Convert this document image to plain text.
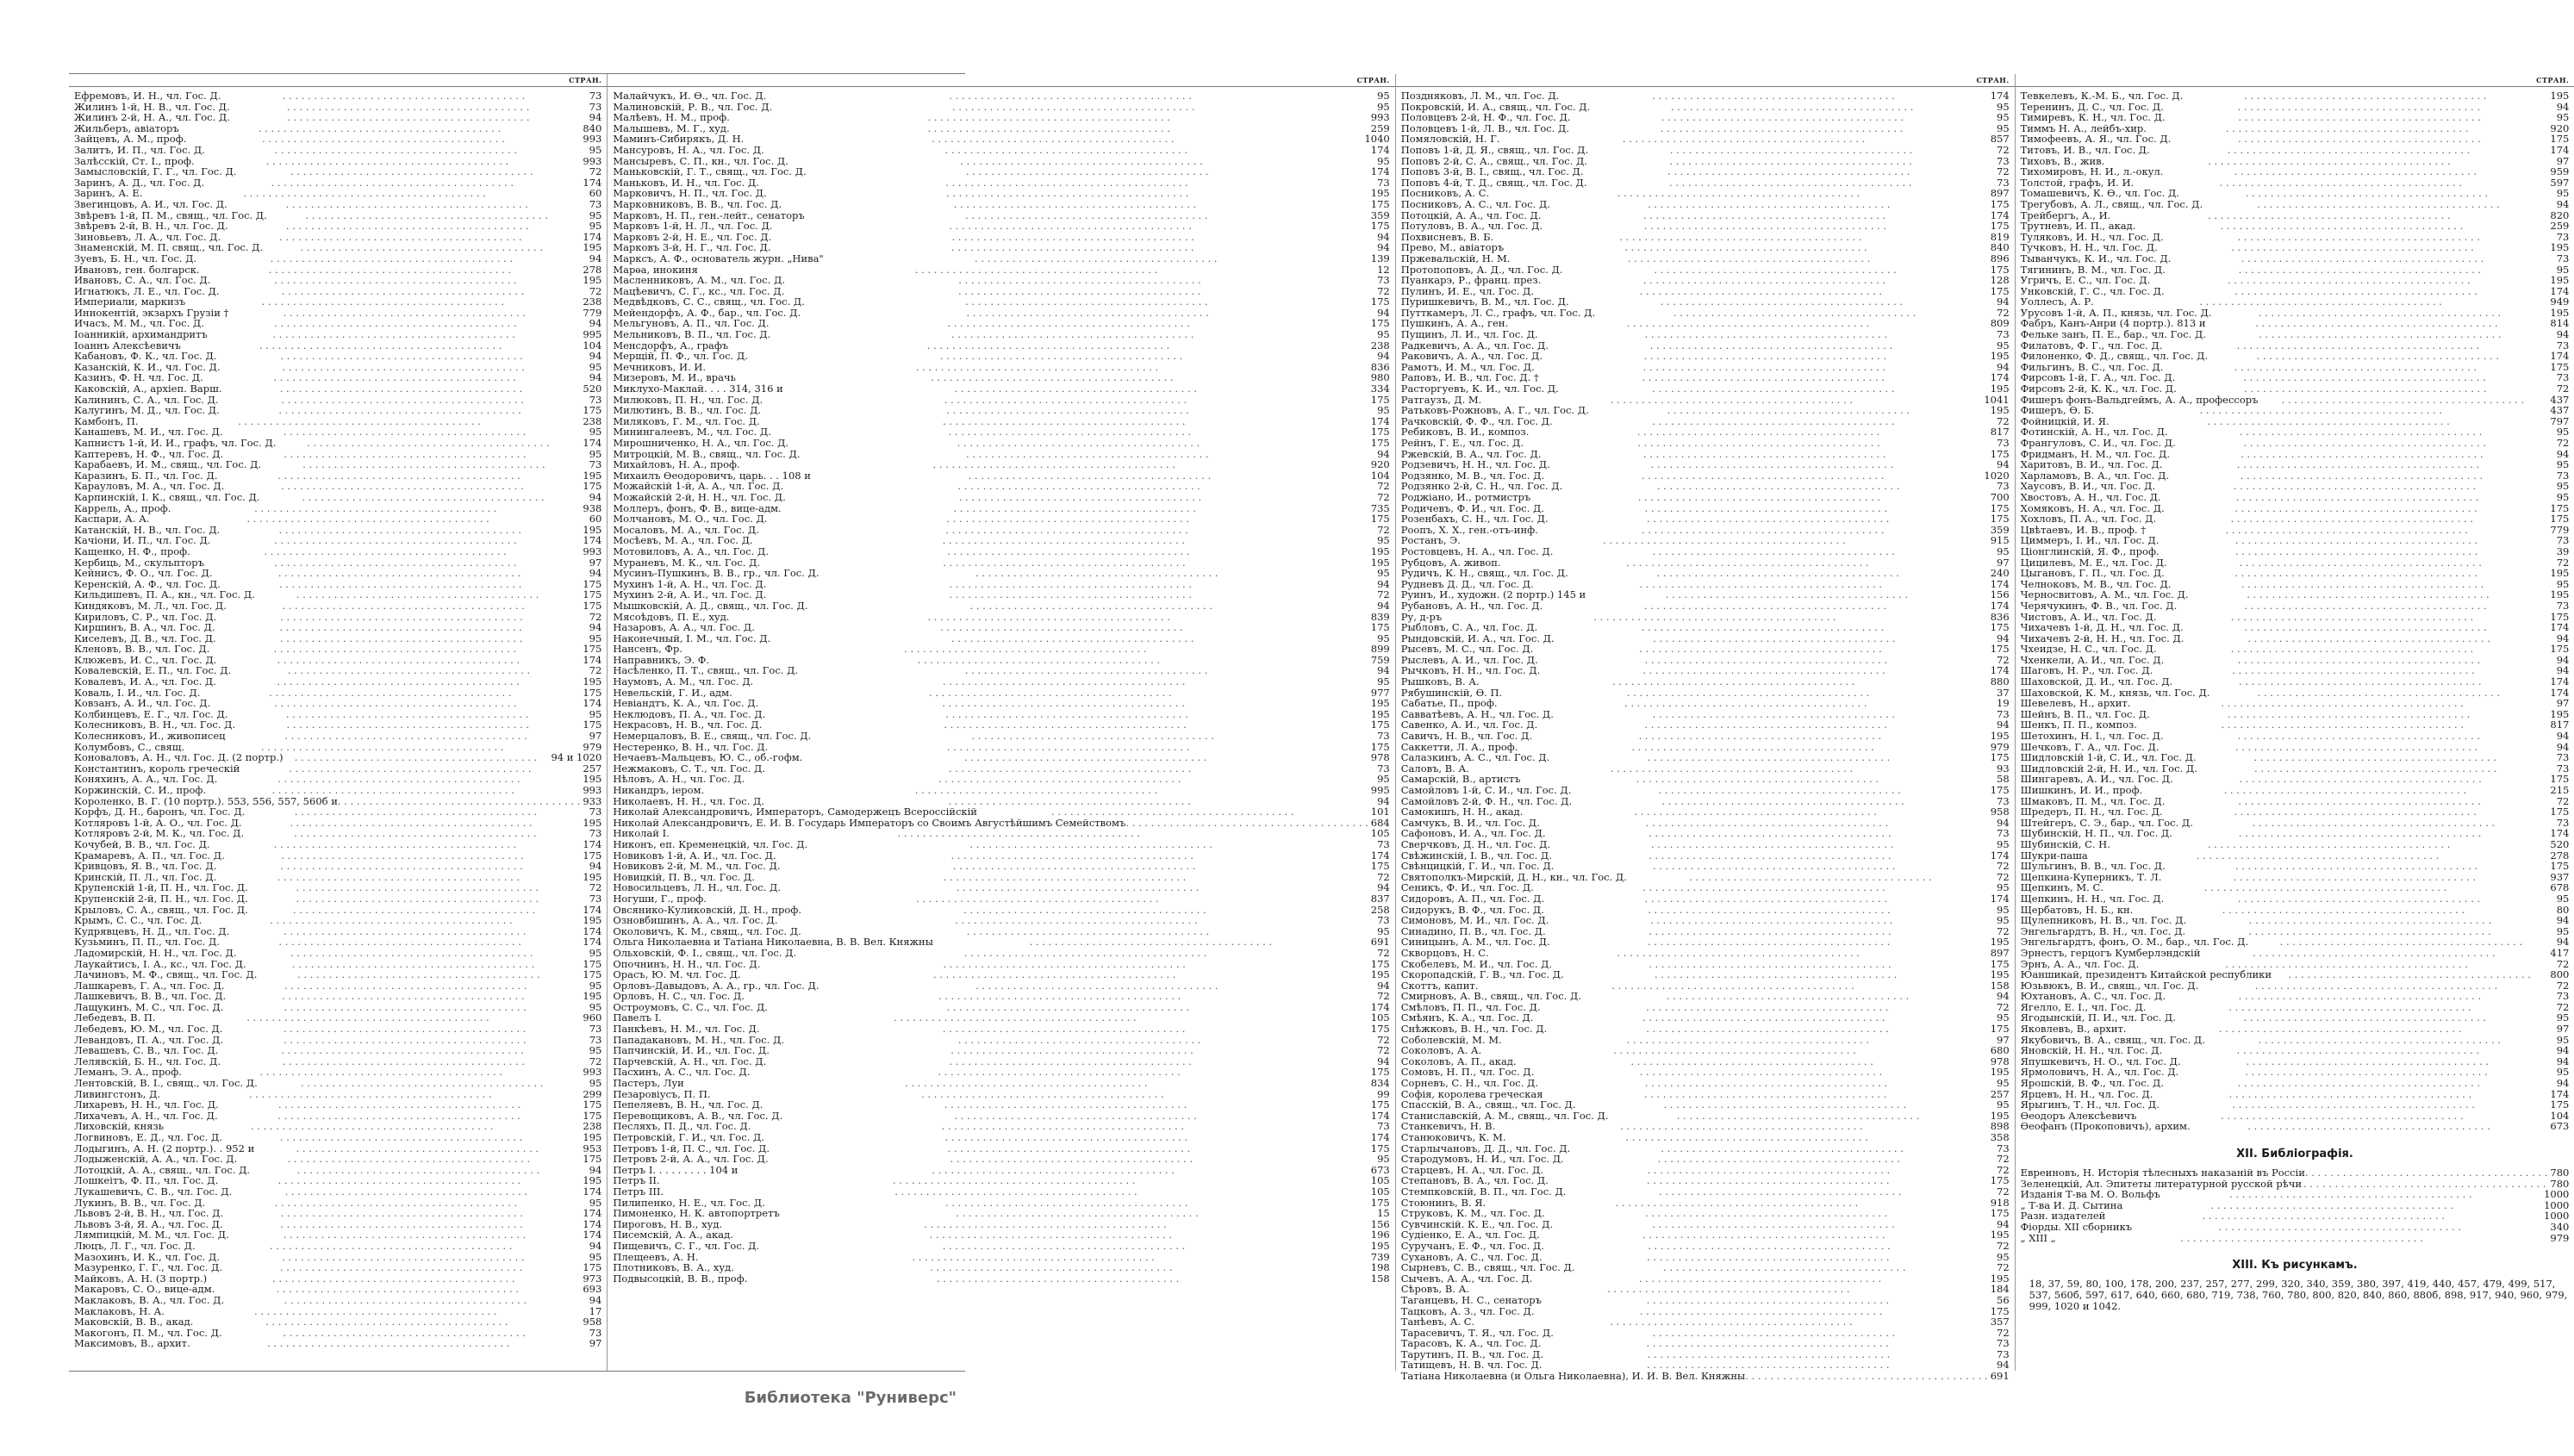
СТРАН.
Ефремовъ, И. Н., чл. Гос. Д. . . .	73
Жилинъ 1-й, Н. В., чл. Гос. Д. . . .	73
Жилинъ 2-й, Н. А., чл. Гос. Д. . . .	94
Жильберъ, авіаторъ . . .	840
Зайцевъ, А. М., проф. . . .	993
Залитъ, И. П., чл. Гос. Д. . . .	95
Залѣсскій, Ст. І., проф. . . .	993
Замысловскій, Г. Г., чл. Гос. Д. . . .	72
Заринъ, А. Д., чл. Гос. Д. . . .	174
Заринъ, А. Е. . . .	60
Звегинцовъ, А. И., чл. Гос. Д. . . .	73
Звѣревъ 1-й, П. М., свящ., чл. Гос. Д. . . .	95
Звѣревъ 2-й, В. Н., чл. Гос. Д. . . .	95
Зиновьевъ, Л. А., чл. Гос. Д. . . .	174
Знаменскій, М. П. свящ., чл. Гос. Д. . . .	195
Зуевъ, Б. Н., чл. Гос. Д. . . .	94
Ивановъ, ген. болгарск. . . .	278
Ивановъ, С. А., чл. Гос. Д. . . .	195
Игнатюкъ, Л. Е., чл. Гос. Д. . . .	72
Империали, маркизъ . . .	238
Иннокентій, экзархъ Грузіи † . . .	779
Ичасъ, М. М., чл. Гос. Д. . . .	94
Іоанникій, архимандритъ . . .	995
Іоаннъ Алексѣевичъ . . .	104
Кабановъ, Ф. К., чл. Гос. Д. . . .	94
Казанскій, К. И., чл. Гос. Д. . . .	95
Казинъ, Ф. Н. чл. Гос. Д. . . .	94
Каковскій, А., архіеп. Варш. . . .	520
Калининъ, С. А., чл. Гос. Д. . . .	73
Калугинъ, М. Д., чл. Гос. Д. . . .	175
Камбонъ, П. . . .	238
Канашевъ, М. И., чл. Гос. Д. . . .	95
Капнистъ 1-й, И. И., графъ, чл. Гос. Д. . . .	174
Каптеревъ, Н. Ф., чл. Гос. Д. . . .	95
Карабаевъ, И. М., свящ., чл. Гос. Д. . . .	73
Каразинъ, Б. П., чл. Гос. Д. . . .	195
Карауловъ, М. А., чл. Гос. Д. . . .	175
Карпинскій, І. К., свящ., чл. Гос. Д. . . .	94
Каррель, А., проф. . . .	938
Каспари, А. А. . . .	60
Катанскій, Н. В., чл. Гос. Д. . . .	195
Качіони, И. П., чл. Гос. Д. . . .	174
Кащенко, Н. Ф., проф. . . .	993
Кербиць, М., скульпторъ . . .	97
Кейнисъ, Ф. О., чл. Гос. Д. . . .	94
Керенскій, А. Ф., чл. Гос. Д. . . .	175
Кильдишевъ, П. А., кн., чл. Гос. Д. . . .	175
Киндяковъ, М. Л., чл. Гос. Д. . . .	175
Кириловъ, С. Р., чл. Гос. Д. . . .	72
Киршинъ, В. А., чл. Гос. Д. . . .	94
Киселевъ, Д. В., чл. Гос. Д. . . .	95
Кленовъ, В. В., чл. Гос. Д. . . .	175
Клюжевъ, И. С., чл. Гос. Д. . . .	174
Ковалевскій, Е. П., чл. Гос. Д. . . .	72
Ковалевъ, И. А., чл. Гос. Д. . . .	195
Коваль, І. И., чл. Гос. Д. . . .	175
Ковзанъ, А. И., чл. Гос. Д. . . .	174
Колбинцевъ, Е. Г., чл. Гос. Д. . . .	95
Колесниковъ, В. Н., чл. Гос. Д. . . .	175
Колесниковъ, И., живописец . . .	97
Колумбовъ, С., свящ. . . .	979
Коноваловъ, А. Н., чл. Гос. Д. (2 портр.) . . .	94 и 1020
Константинъ, король греческій . . .	257
Коняхинъ, А. А., чл. Гос. Д. . . .	195
Коржинскій, С. И., проф. . . .	993
Короленко, В. Г. (10 портр.). 553, 556, 557, 560б и . . .	933
Корфъ, Д. Н., баронъ, чл. Гос. Д. . . .	73
Котляровъ 1-й, А. О., чл. Гос. Д. . . .	195
Котляровъ 2-й, М. К., чл. Гос. Д. . . .	73
Кочубей, В. В., чл. Гос. Д. . . .	174
Крамаревъ, А. П., чл. Гос. Д. . . .	175
Кривцовъ, Я. В., чл. Гос. Д. . . .	94
Кринскій, П. Л., чл. Гос. Д. . . .	195
Крупенскій 1-й, П. Н., чл. Гос. Д. . . .	72
Крупенскій 2-й, П. Н., чл. Гос. Д. . . .	73
Крыловъ, С. А., свящ., чл. Гос. Д. . . .	174
Крымъ, С. С., чл. Гос. Д. . . .	195
Кудрявцевъ, Н. Д., чл. Гос. Д. . . .	174
Кузьминъ, П. П., чл. Гос. Д. . . .	174
Ладомирскій, Н. Н., чл. Гос. Д. . . .	95
Лаукайтисъ, І. А., кс., чл. Гос. Д. . . .	175
Лачиновъ, М. Ф., свящ., чл. Гос. Д. . . .	175
Лашкаревъ, Г. А., чл. Гос. Д. . . .	95
Лашкевичъ, В. В., чл. Гос. Д. . . .	195
Лащукинъ, М. С., чл. Гос. Д. . . .	95
Лебедевъ, В. П. . . .	960
Лебедевъ, Ю. М., чл. Гос. Д. . . .	73
Левандовъ, П. А., чл. Гос. Д. . . .	73
Левашевъ, С. В., чл. Гос. Д. . . .	95
Лелявскій, Б. Н., чл. Гос. Д. . . .	72
Леманъ, Э. А., проф. . . .	993
Лентовскій, В. І., свящ., чл. Гос. Д. . . .	95
Ливингстонъ, Д. . . .	299
Лихаревъ, Н. Н., чл. Гос. Д. . . .	175
Лихачевъ, А. Н., чл. Гос. Д. . . .	175
Лиховскій, князь . . .	238
Логвиновъ, Е. Д., чл. Гос. Д. . . .	195
Лодыгинъ, А. Н. (2 портр.). . 952 и . . .	953
Лодыженскій, А. А., чл. Гос. Д. . . .	175
Лотоцкій, А. А., свящ., чл. Гос. Д. . . .	94
Лошкеітъ, Ф. П., чл. Гос. Д. . . .	195
Лукашевичъ, С. В., чл. Гос. Д. . . .	174
Лукинъ, В. В., чл. Гос. Д. . . .	95
Львовъ 2-й, В. Н., чл. Гос. Д. . . .	174
Львовъ 3-й, Я. А., чл. Гос. Д. . . .	174
Лямпицкій, М. М., чл. Гос. Д. . . .	174
Люцъ, Л. Г., чл. Гос. Д. . . .	94
Мазохинъ, И. К., чл. Гос. Д. . . .	95
Мазуренко, Г. Г., чл. Гос. Д. . . .	175
Майковъ, А. Н. (3 портр.) . . .	973
Макаровъ, С. О., вице-адм. . . .	693
Маклаковъ, В. А., чл. Гос. Д. . . .	94
Маклаковъ, Н. А. . . .	17
Маковскій, В. В., акад. . . .	958
Макогонъ, П. М., чл. Гос. Д. . . .	73
Максимовъ, В., архит. . . .	97
СТРАН.
Малайчукъ, И. Ѳ., чл. Гос. Д. . . .	95
Малиновскій, Р. В., чл. Гос. Д. . . .	95
Малѣевъ, Н. М., проф. . . .	993
Малышевъ, М. Г., худ. . . .	259
Маминъ-Сибирякъ, Д. Н. . . .	1040
Мансуровъ, Н. А., чл. Гос. Д. . . .	174
Мансыревъ, С. П., кн., чл. Гос. Д. . . .	95
Маньковскій, Г. Т., свящ., чл. Гос. Д. . . .	174
Маньковъ, И. Н., чл. Гос. Д. . . .	73
Марковичъ, Н. П., чл. Гос. Д. . . .	195
Марковниковъ, В. В., чл. Гос. Д. . . .	175
Марковъ, Н. П., ген.-лейт., сенаторъ . . .	359
Марковъ 1-й, Н. Л., чл. Гос. Д. . . .	175
Марковъ 2-й, Н. Е., чл. Гос. Д. . . .	94
Марковъ 3-й, Н. Г., чл. Гос. Д. . . .	94
Марксъ, А. Ф., основатель журн. „Нива" . . .	139
Марѳа, инокиня . . .	12
Масленниковъ, А. М., чл. Гос. Д. . . .	73
Мацѣевичъ, С. Г., кс., чл. Гос. Д. . . .	72
Медвѣдковъ, С. С., свящ., чл. Гос. Д. . . .	175
Мейендорфъ, А. Ф., бар., чл. Гос. Д. . . .	94
Мельгуновъ, А. П., чл. Гос. Д. . . .	175
Мельниковъ, В. П., чл. Гос. Д. . . .	95
Менсдорфъ, А., графъ . . .	238
Мерщій, П. Ф., чл. Гос. Д. . . .	94
Мечниковъ, И. И. . . .	836
Мизеровъ, М. И., врачь . . .	980
Миклухо-Маклай. . . . 314, 316 и . . .	334
Милюковъ, П. Н., чл. Гос. Д. . . .	175
Милютинъ, В. В., чл. Гос. Д. . . .	95
Миляковъ, Г. М., чл. Гос. Д. . . .	174
Минингалеевъ, М., чл. Гос. Д. . . .	175
Мирошниченко, Н. А., чл. Гос. Д. . . .	175
Митроцкій, М. В., свящ., чл. Гос. Д. . . .	94
Михайловъ, Н. А., проф. . . .	920
Михаилъ Ѳеодоровичъ, царь. . . 108 и . . .	104
Можайскій 1-й, А. А., чл. Гос. Д. . . .	72
Можайскій 2-й, Н. Н., чл. Гос. Д. . . .	72
Моллеръ, фонъ, Ф. В., вице-адм. . . .	735
Молчановъ, М. О., чл. Гос. Д. . . .	175
Мосаловъ, М. А., чл. Гос. Д. . . .	72
Мосѣевъ, М. А., чл. Гос. Д. . . .	95
Мотовиловъ, А. А., чл. Гос. Д. . . .	195
Мураневъ, М. К., чл. Гос. Д. . . .	195
Мусинъ-Пушкинъ, В. В., гр., чл. Гос. Д. . . .	95
Мухинъ 1-й, А. Н., чл. Гос. Д. . . .	94
Мухинъ 2-й, А. И., чл. Гос. Д. . . .	72
Мышковскій, А. Д., свящ., чл. Гос. Д. . . .	94
Мясоѣдовъ, П. Е., худ. . . .	839
Назаровъ, А. А., чл. Гос. Д. . . .	175
Наконечный, І. М., чл. Гос. Д. . . .	95
Нансенъ, Фр. . . .	899
Направникъ, Э. Ф. . . .	759
Насѣленко, П. Т., свящ., чл. Гос. Д. . . .	94
Наумовъ, А. М., чл. Гос. Д. . . .	95
Невельскій, Г. И., адм. . . .	977
Невіандтъ, К. А., чл. Гос. Д. . . .	195
Неклюдовъ, П. А., чл. Гос. Д. . . .	195
Некрасовъ, Н. В., чл. Гос. Д. . . .	175
Немерцаловъ, В. Е., свящ., чл. Гос. Д. . . .	73
Нестеренко, В. Н., чл. Гос. Д. . . .	175
Нечаевъ-Мальцевъ, Ю. С., об.-гофм. . . .	978
Нежмаковъ, С. Т., чл. Гос. Д. . . .	73
Нѣловъ, А. Н., чл. Гос. Д. . . .	95
Никандръ, іером. . . .	995
Николаевъ, Н. Н., чл. Гос. Д. . . .	94
Николай Александровичъ, Императоръ, Самодержецъ Всероссійскій . . .	101
Николай Александровичъ, Е. И. В. Государь Императоръ со Своимъ Августѣйшимъ Семействомъ . . .	684
Николай І. . . .	105
Никонъ, еп. Кременецкій, чл. Гос. Д. . . .	73
Новиковъ 1-й, А. И., чл. Гос. Д. . . .	174
Новиковъ 2-й, М. М., чл. Гос. Д. . . .	175
Новицкій, П. В., чл. Гос. Д. . . .	72
Новосильцевъ, Л. Н., чл. Гос. Д. . . .	94
Ногуши, Г., проф. . . .	837
Овсянико-Куликовскій, Д. Н., проф. . . .	258
Озновбишинъ, А. А., чл. Гос. Д. . . .	73
Околовичъ, К. М., свящ., чл. Гос. Д. . . .	95
Ольга Николаевна и Татіана Николаевна, В. В. Вел. Княжны . . .	691
Ольховскій, Ф. І., свящ., чл. Гос. Д. . . .	72
Опочнинъ, Н. Н., чл. Гос. Д. . . .	175
Орасъ, Ю. М. чл. Гос. Д. . . .	195
Орловъ-Давыдовъ, А. А., гр., чл. Гос. Д. . . .	94
Орловъ, Н. С., чл. Гос. Д. . . .	72
Остроумовъ, С. С., чл. Гос. Д. . . .	174
Павелъ І. . . .	105
Панкѣевъ, Н. М., чл. Гос. Д. . . .	175
Пападакановъ, М. Н., чл. Гос. Д. . . .	72
Папчинскій, И. И., чл. Гос. Д. . . .	72
Парчевскій, А. Н., чл. Гос. Д. . . .	94
Пасхинъ, А. С., чл. Гос. Д. . . .	175
Пастеръ, Луи . . .	834
Пезаровіусъ, П. П. . . .	99
Пепеляевъ, В. Н., чл. Гос. Д. . . .	175
Перевощиковъ, А. В., чл. Гос. Д. . . .	174
Песляхъ, П. Д., чл. Гос. Д. . . .	73
Петровскій, Г. И., чл. Гос. Д. . . .	174
Петровъ 1-й, П. С., чл. Гос. Д. . . .	175
Петровъ 2-й, А. А., чл. Гос. Д. . . .	95
Петръ І. . . . . . . . . 104 и . . .	673
Петръ II. . . .	105
Петръ III. . . .	105
Пилипенко, Н. Е., чл. Гос. Д. . . .	175
Пимоненко, Н. К. автопортретъ . . .	15
Пироговъ, Н. В., худ. . . .	156
Писемскій, А. А., акад. . . .	196
Пищевичъ, С. Г., чл. Гос. Д. . . .	195
Плещеевъ, А. Н. . . .	739
Плотниковъ, В. А., худ. . . .	198
Подвысоцкій, В. В., проф. . . .	158
СТРАН.
Поздняковъ, Л. М., чл. Гос. Д. . . .	174
Покровскій, И. А., свящ., чл. Гос. Д. . . .	95
Половцевъ 2-й, Н. Ф., чл. Гос. Д. . . .	95
Половцевъ 1-й, Л. В., чл. Гос. Д. . . .	95
Помяловскій, Н. Г. . . .	857
Поповъ 1-й, Д. Я., свящ., чл. Гос. Д. . . .	72
Поповъ 2-й, С. А., свящ., чл. Гос. Д. . . .	73
Поповъ 3-й, В. І., свящ., чл. Гос. Д. . . .	72
Поповъ 4-й, Т. Д., свящ., чл. Гос. Д. . . .	73
Посниковъ, А. С. . . .	897
Посниковъ, А. С., чл. Гос. Д. . . .	175
Потоцкій, А. А., чл. Гос. Д. . . .	174
Потуловъ, В. А., чл. Гос. Д. . . .	175
Похвисневъ, В. Б. . . .	819
Прево, М., авіаторъ . . .	840
Пржевальскій, Н. М. . . .	896
Протопоповъ, А. Д., чл. Гос. Д. . . .	175
Пуанкарэ, Р., франц. през. . . .	128
Пулинъ, И. Е., чл. Гос. Д. . . .	175
Пуришкевичъ, В. М., чл. Гос. Д. . . .	94
Путткамеръ, Л. С., графъ, чл. Гос. Д. . . .	72
Пушкинъ, А. А., ген. . . .	809
Пущинъ, Л. И., чл. Гос. Д. . . .	73
Радкевичъ, А. А., чл. Гос. Д. . . .	95
Раковичъ, А. А., чл. Гос. Д. . . .	195
Рамотъ, И. М., чл. Гос. Д. . . .	94
Раповъ, И. В., чл. Гос. Д. † . . .	174
Расторгуевъ, К. И., чл. Гос. Д. . . .	195
Ратгаузъ, Д. М. . . .	1041
Ратьковъ-Рожновъ, А. Г., чл. Гос. Д. . . .	195
Рачковскій, Ф. Ф., чл. Гос. Д. . . .	72
Ребиковъ, В. И., композ. . . .	817
Рейнъ, Г. Е., чл. Гос. Д. . . .	73
Ржевскій, В. А., чл. Гос. Д. . . .	175
Родзевичъ, Н. Н., чл. Гос. Д. . . .	94
Родзянко, М. В., чл. Гос. Д. . . .	1020
Родзянко 2-й, С. Н., чл. Гос. Д. . . .	73
Роджіано, И., ротмистръ . . .	700
Родичевъ, Ф. И., чл. Гос. Д. . . .	175
Розенбахъ, С. Н., чл. Гос. Д. . . .	175
Роопъ, Х. Х., ген.-отъ-инф. . . .	359
Ростанъ, Э. . . .	915
Ростовцевъ, Н. А., чл. Гос. Д. . . .	95
Рубцовъ, А. живоп. . . .	97
Рудичъ, К. Н., свящ., чл. Гос. Д. . . .	240
Рудневъ Д. Д., чл. Гос. Д. . . .	174
Руинъ, И., художн. (2 портр.) 145 и . . .	156
Рубановъ, А. Н., чл. Гос. Д. . . .	174
Ру, д-ръ . . .	836
Рыбловъ, С. А., чл. Гос. Д. . . .	175
Рындовскій, И. А., чл. Гос. Д. . . .	94
Рысевъ, М. С., чл. Гос. Д. . . .	175
Рыслевъ, А. И., чл. Гос. Д. . . .	72
Рычковъ, Н. Н., чл. Гос. Д. . . .	174
Рышковъ, В. А. . . .	880
Рябушинскій, Ѳ. П. . . .	37
Сабатье, П., проф. . . .	19
Савватѣевъ, А. Н., чл. Гос. Д. . . .	73
Савенко, А. И., чл. Гос. Д. . . .	94
Савичъ, Н. В., чл. Гос. Д. . . .	195
Саккетти, Л. А., проф. . . .	979
Салазкинъ, А. С., чл. Гос. Д. . . .	175
Саловъ, В. А. . . .	93
Самарскій, В., артистъ . . .	58
Самойловъ 1-й, С. И., чл. Гос. Д. . . .	175
Самойловъ 2-й, Ф. Н., чл. Гос. Д. . . .	73
Самокишъ, Н. Н., акад. . . .	958
Самчукъ, В. И., чл. Гос. Д. . . .	94
Сафоновъ, И. А., чл. Гос. Д. . . .	73
Сверчковъ, Д. Н., чл. Гос. Д. . . .	95
Свѣжинскій, І. В., чл. Гос. Д. . . .	174
Свѣнцицкій, Г. И., чл. Гос. Д. . . .	72
Святополкъ-Мирскій, Д. Н., кн., чл. Гос. Д. . . .	72
Сеникъ, Ф. И., чл. Гос. Д. . . .	95
Сидоровъ, А. П., чл. Гос. Д. . . .	174
Сидорукъ, В. Ф., чл. Гос. Д. . . .	95
Симоновъ, М. И., чл. Гос. Д. . . .	95
Синадино, П. В., чл. Гос. Д. . . .	72
Синицынъ, А. М., чл. Гос. Д. . . .	195
Скворцовъ, Н. С. . . .	897
Скобелевъ, М. И., чл. Гос. Д. . . .	175
Скоропадскій, Г. В., чл. Гос. Д. . . .	195
Скоттъ, капит. . . .	158
Смирновъ, А. В., свящ., чл. Гос. Д. . . .	94
Смѣловъ, П. П., чл. Гос. Д. . . .	72
Смѣянъ, К. А., чл. Гос. Д. . . .	95
Снѣжковъ, В. Н., чл. Гос. Д. . . .	175
Соболевскій, М. М. . . .	97
Соколовъ, А. А. . . .	680
Соколовъ, А. П., акад. . . .	978
Сомовъ, Н. П., чл. Гос. Д. . . .	195
Сорневъ, С. Н., чл. Гос. Д. . . .	95
Софія, королева греческая . . .	257
Спасскій, В. А., свящ., чл. Гос. Д. . . .	95
Станиславскій, А. М., свящ., чл. Гос. Д. . . .	195
Станкевичъ, Н. В. . . .	898
Станюковичъ, К. М. . . .	358
Старлычановъ, Д. Д., чл. Гос. Д. . . .	73
Стародумовъ, Н. И., чл. Гос. Д. . . .	72
Старцевъ, Н. А., чл. Гос. Д. . . .	72
Степановъ, В. А., чл. Гос. Д. . . .	175
Стемпковскій, В. П., чл. Гос. Д. . . .	72
Стоюнинъ, В. Я. . . .	918
Струковъ, К. М., чл. Гос. Д. . . .	175
Сувчинскій. К. Е., чл. Гос. Д. . . .	94
Судіенко, Е. А., чл. Гос. Д. . . .	195
Суручанъ, Е. Ф., чл. Гос. Д. . . .	72
Сухановъ, А. С., чл. Гос. Д. . . .	95
Сырневъ, С. В., свящ., чл. Гос. Д. . . .	72
Сычевъ, А. А., чл. Гос. Д. . . .	195
Сѣровъ, В. А. . . .	184
Таганцевъ, Н. С., сенаторъ . . .	56
Тацковъ, А. З., чл. Гос. Д. . . .	175
Танѣевъ, А. С. . . .	357
Тарасевичъ, Т. Я., чл. Гос. Д. . . .	72
Тарасовъ, К. А., чл. Гос. Д. . . .	73
Тарутинъ, П. В., чл. Гос. Д. . . .	73
Татищевъ, Н. В. чл. Гос. Д. . . .	94
Татіана Николаевна (и Ольга Николаевна), И. И. В. Вел. Княжны . . .	691
СТРАН.
Тевкелевъ, К.-М. Б., чл. Гос. Д. . . .	195
Теренинъ, Д. С., чл. Гос. Д. . . .	94
Тимиревъ, К. Н., чл. Гос. Д. . . .	95
Тиммъ Н. А., лейбъ-хир. . . .	920
Тимофеевъ, А. Я., чл. Гос. Д. . . .	175
Титовъ, И. В., чл. Гос. Д. . . .	174
Тиховъ, В., жив. . . .	97
Тихомировъ, Н. И., л.-окул. . . .	959
Толстой, графъ, И. И. . . .	597
Томашевичъ, К. Ѳ., чл. Гос. Д. . . .	95
Трегубовъ, А. Л., свящ., чл. Гос. Д. . . .	94
Трейбергъ, А., И. . . .	820
Трутневъ, И. П., акад. . . .	259
Туляковъ, И. Н., чл. Гос. Д. . . .	73
Тучковъ, Н. Н., чл. Гос. Д. . . .	195
Тыванчукъ, К. И., чл. Гос. Д. . . .	73
Тягининъ, В. М., чл. Гос. Д. . . .	95
Угричъ, Е. С., чл. Гос. Д. . . .	195
Унковскій, Г. С., чл. Гос. Д. . . .	174
Уоллесъ, А. Р. . . .	949
Урусовъ 1-й, А. П., князь, чл. Гос. Д. . . .	195
Фабръ, Канъ-Анри (4 портр.). 813 и . . .	814
Фельке занъ, П. Е., бар., чл. Гос. Д. . . .	94
Филатовъ, Ф. Г., чл. Гос. Д. . . .	73
Филоненко, Ф. Д., свящ., чл. Гос. Д. . . .	174
Фильгинъ, В. С., чл. Гос. Д. . . .	175
Фирсовъ 1-й, Г. А., чл. Гос. Д. . . .	73
Фирсовъ 2-й, К. К., чл. Гос. Д. . . .	72
Фишеръ фонъ-Вальдгеймъ, А. А., профессоръ . . .	437
Фишеръ, Ѳ. Б. . . .	437
Фойницкій, И. Я. . . .	797
Фотинскій, А. Н., чл. Гос. Д. . . .	95
Франгуловъ, С. И., чл. Гос. Д. . . .	72
Фридманъ, Н. М., чл. Гос. Д. . . .	94
Харитовъ, В. И., чл. Гос. Д. . . .	95
Харламовъ, В. А., чл. Гос. Д. . . .	73
Хаусовъ, В. И., чл. Гос. Д. . . .	95
Хвостовъ, А. Н., чл. Гос. Д. . . .	95
Хомяковъ, Н. А., чл. Гос. Д. . . .	175
Хохловъ, П. А., чл. Гос. Д. . . .	175
Цвѣтаевъ, И. В., проф. † . . .	779
Циммеръ, І. И., чл. Гос. Д. . . .	73
Ціонглинскій, Я. Ф., проф. . . .	39
Цицилевъ, М. Е., чл. Гос. Д. . . .	72
Цыгановъ, Г. П., чл. Гос. Д. . . .	195
Челноковъ, М. В., чл. Гос. Д. . . .	95
Черносвитовъ, А. М., чл. Гос. Д. . . .	195
Черячукинъ, Ф. В., чл. Гос. Д. . . .	73
Чистовъ, А. И., чл. Гос. Д. . . .	175
Чихачевъ 1-й, Д. Н., чл. Гос. Д. . . .	174
Чихачевъ 2-й, Н. Н., чл. Гос. Д. . . .	94
Чхеидзе, Н. С., чл. Гос. Д. . . .	175
Чхенкели, А. И., чл. Гос. Д. . . .	94
Шаговъ, Н. Р., чл. Гос. Д. . . .	94
Шаховской, Д. И., чл. Гос. Д. . . .	174
Шаховской, К. М., князь, чл. Гос. Д. . . .	174
Шевелевъ, Н., архит. . . .	97
Шейнъ, В. П., чл. Гос. Д. . . .	195
Шенкъ, П. П., композ. . . .	817
Шетохинъ, Н. І., чл. Гос. Д. . . .	94
Шечковъ, Г. А., чл. Гос. Д. . . .	94
Шидловскій 1-й, С. И., чл. Гос. Д. . . .	73
Шидловскій 2-й, Н. И., чл. Гос. Д. . . .	73
Шингаревъ, А. И., чл. Гос. Д. . . .	175
Шишкинъ, И. И., проф. . . .	215
Шмаковъ, П. М., чл. Гос. Д. . . .	72
Шредеръ, П. Н., чл. Гос. Д. . . .	175
Штейгеръ, С. Э., бар., чл. Гос. Д. . . .	73
Шубинскій, Н. П., чл. Гос. Д. . . .	174
Шубинскій, С. Н. . . .	520
Шукри-паша . . .	278
Шульгинъ, В. В., чл. Гос. Д. . . .	175
Щепкина-Куперникъ, Т. Л. . . .	937
Щепкинъ, М. С. . . .	678
Щепкинъ, Н. Н., чл. Гос. Д. . . .	95
Щербатовъ, Н. Б., кн. . . .	80
Щулепниковъ, Н. В., чл. Гос. Д. . . .	94
Энгельгардтъ, В. Н., чл. Гос. Д. . . .	95
Энгельгардтъ, фонъ, О. М., бар., чл. Гос. Д. . . .	94
Эрнестъ, герцогъ Кумберлэндскій . . .	417
Эрнъ, А. А., чл. Гос. Д. . . .	72
Юаншикай, президентъ Китайской республики . . .	800
Юзьвюкъ, В. И., свящ., чл. Гос. Д. . . .	72
Юхтановъ, А. С., чл. Гос. Д. . . .	73
Ягелло, Е. І., чл. Гос. Д. . . .	72
Ягодынскій, П. И., чл. Гос. Д. . . .	95
Яковлевъ, В., архит. . . .	97
Якубовичъ, В. А., свящ., чл. Гос. Д. . . .	95
Яновскій, Н. Н., чл. Гос. Д. . . .	94
Япушкевичъ, Н. О., чл. Гос. Д. . . .	94
Ярмоловичъ, Н. А., чл. Гос. Д. . . .	95
Ярошскій, В. Ф., чл. Гос. Д. . . .	94
Ярцевъ, Н. Н., чл. Гос. Д. . . .	174
Ярыгинъ, Т. Н., чл. Гос. Д. . . .	175
Ѳеодоръ Алексѣевичъ . . .	104
Ѳеофанъ (Прокоповичъ), архим. . . .	673
XII. Библіографія.
Евреиновъ, Н. Исторія тѣлесныхъ наказаній въ Россіи . . .	780
Зеленецкій, Ал. Эпитеты литературной русской рѣчи . . .	780
Изданія Т-ва М. О. Вольфъ . . .	1000
„ Т-ва И. Д. Сытина . . .	1000
Разн. издателей . . .	1000
Фіорды. XII сборникъ . . .	340
„ XIII „ . . .	979
XIII. Къ рисункамъ.
18, 37, 59, 80, 100, 178, 200, 237, 257, 277, 299, 320, 340, 359, 380, 397, 419, 440, 457, 479, 499, 517, 537, 560б, 597, 617, 640, 660, 680, 719, 738, 760, 780, 800, 820, 840, 860, 880б, 898, 917, 940, 960, 979, 999, 1020 и 1042.
Библиотека "Руниверс"
